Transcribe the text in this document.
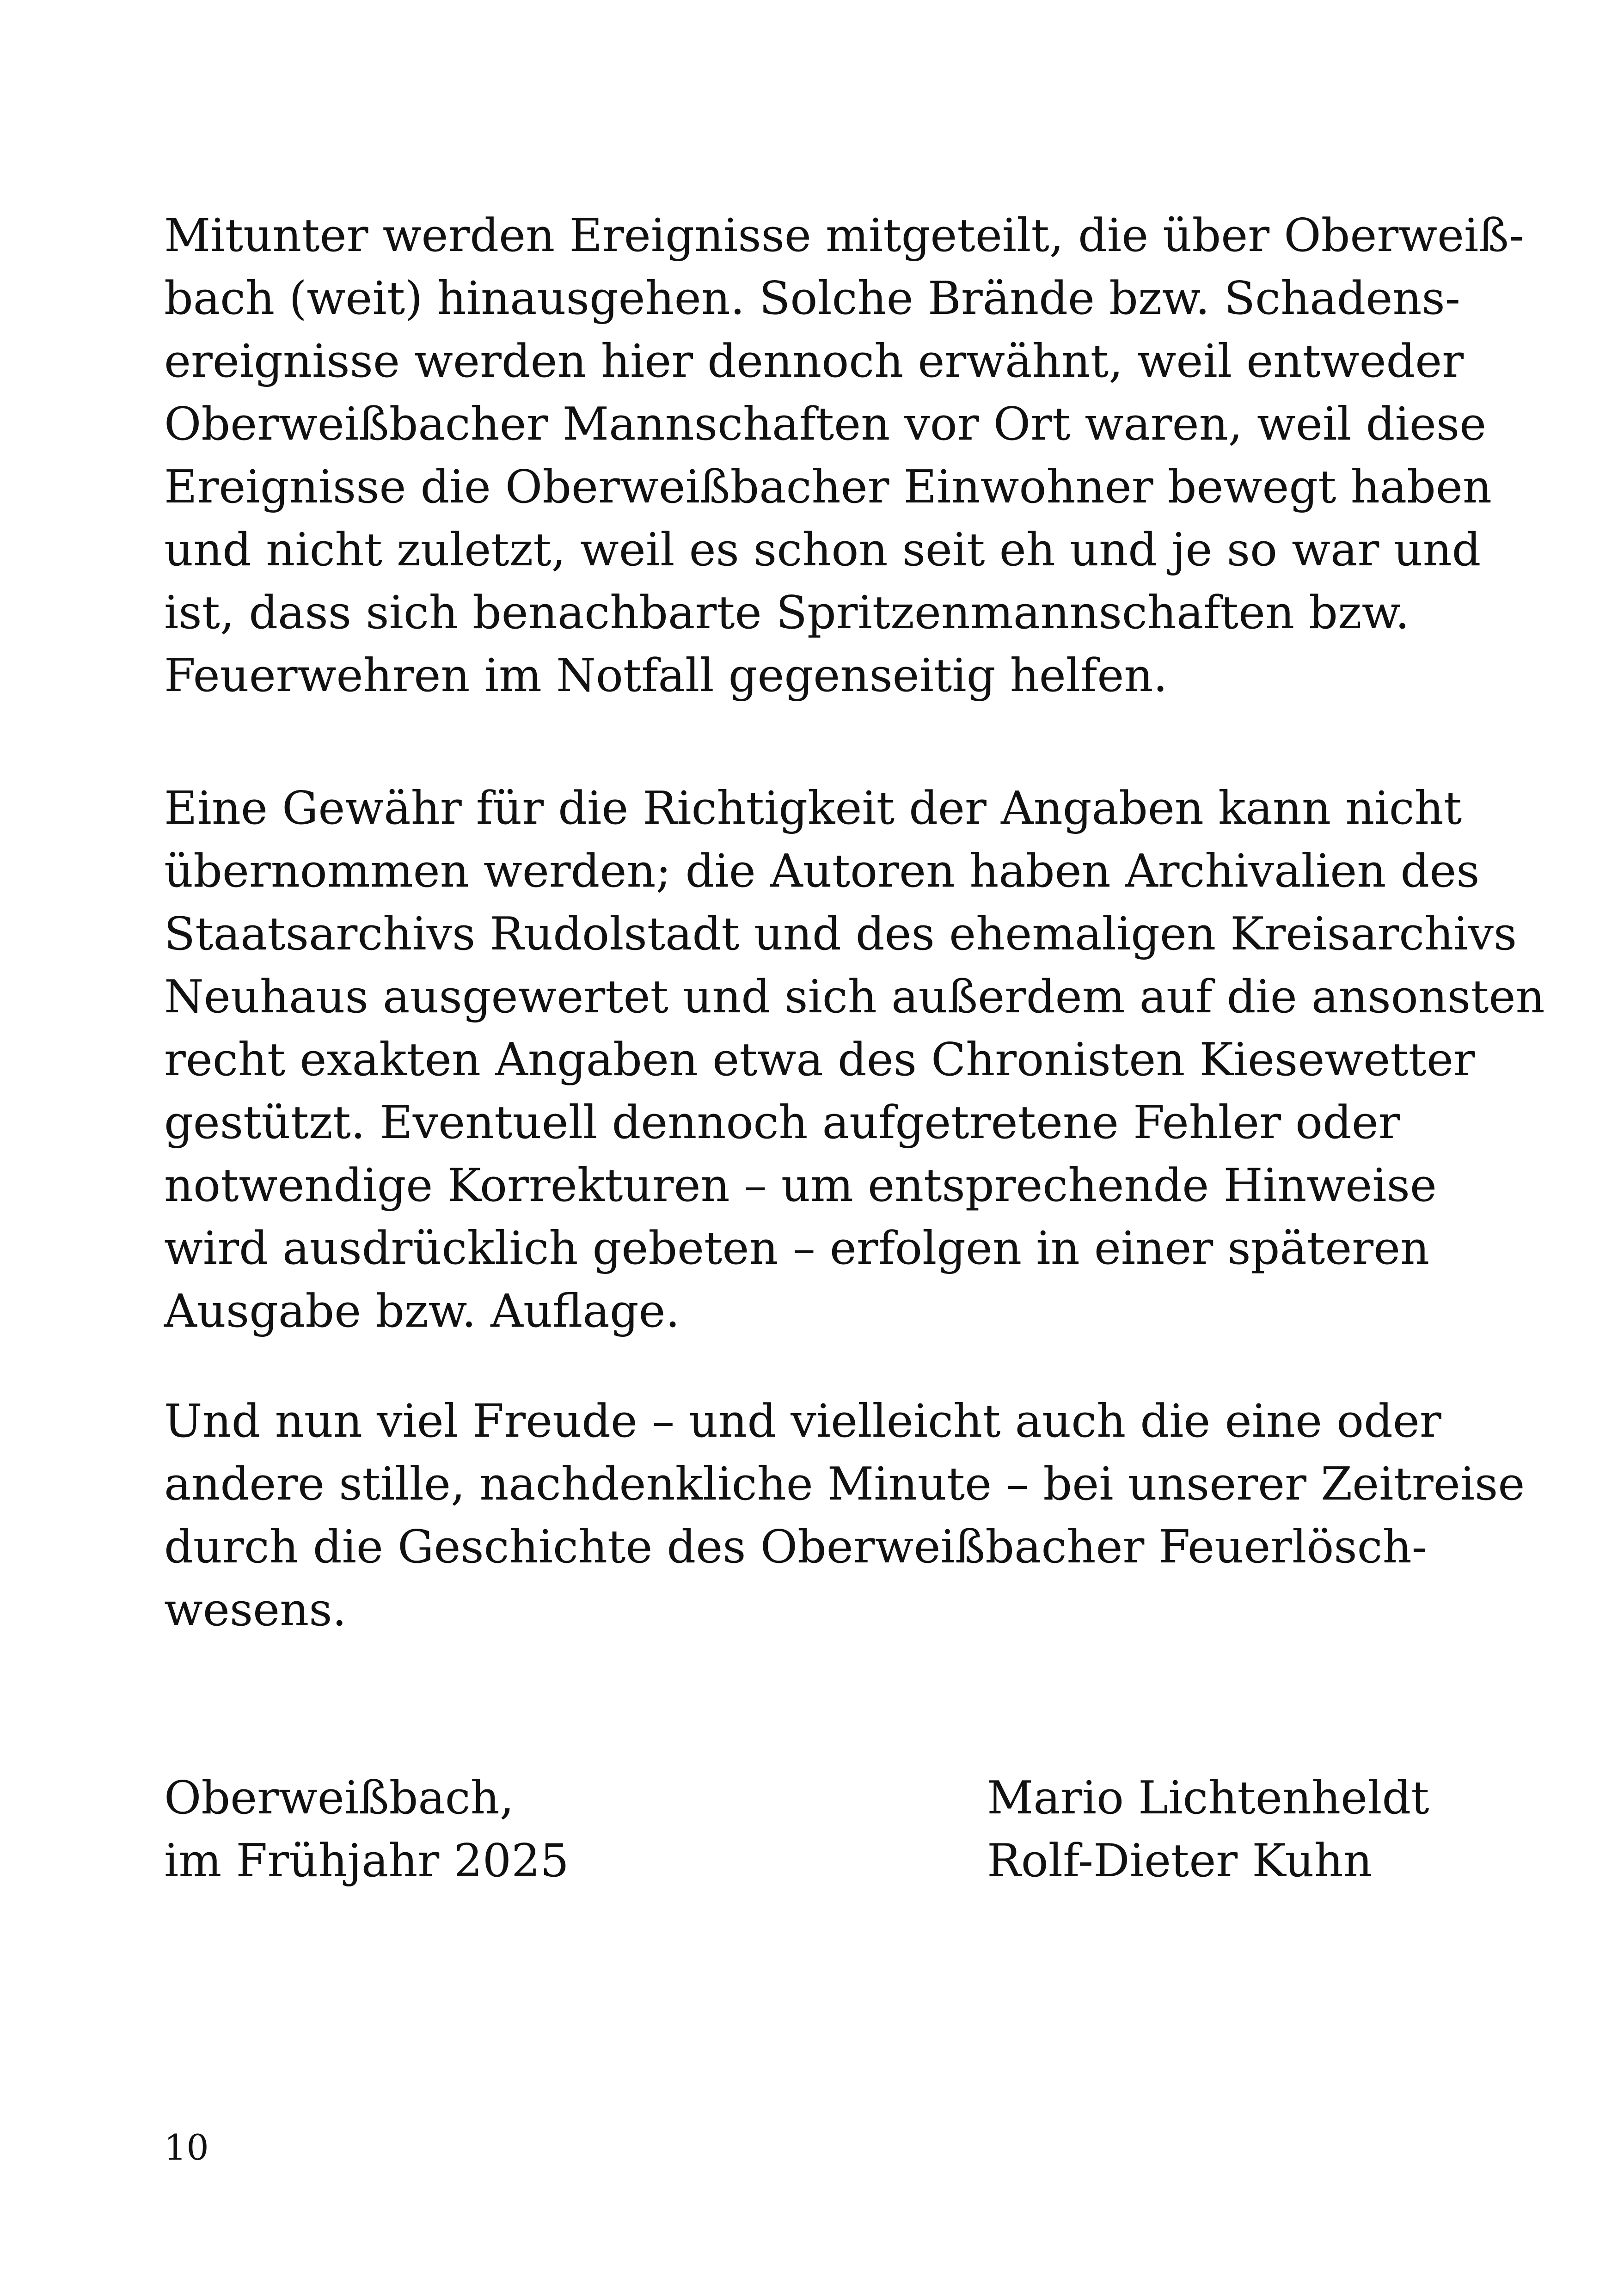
Mitunter werden Ereignisse mitgeteilt, die über Oberweiß-
bach (weit) hinausgehen. Solche Brände bzw. Schadens-
ereignisse werden hier dennoch erwähnt, weil entweder
Oberweißbacher Mannschaften vor Ort waren, weil diese
Ereignisse die Oberweißbacher Einwohner bewegt haben
und nicht zuletzt, weil es schon seit eh und je so war und
ist, dass sich benachbarte Spritzenmannschaften bzw.
Feuerwehren im Notfall gegenseitig helfen.
Eine Gewähr für die Richtigkeit der Angaben kann nicht
übernommen werden; die Autoren haben Archivalien des
Staatsarchivs Rudolstadt und des ehemaligen Kreisarchivs
Neuhaus ausgewertet und sich außerdem auf die ansonsten
recht exakten Angaben etwa des Chronisten Kiesewetter
gestützt. Eventuell dennoch aufgetretene Fehler oder
notwendige Korrekturen – um entsprechende Hinweise
wird ausdrücklich gebeten – erfolgen in einer späteren
Ausgabe bzw. Auflage.
Und nun viel Freude – und vielleicht auch die eine oder
andere stille, nachdenkliche Minute – bei unserer Zeitreise
durch die Geschichte des Oberweißbacher Feuerlösch-
wesens.
Oberweißbach,
im Frühjahr 2025
Mario Lichtenheldt
Rolf-Dieter Kuhn
10
